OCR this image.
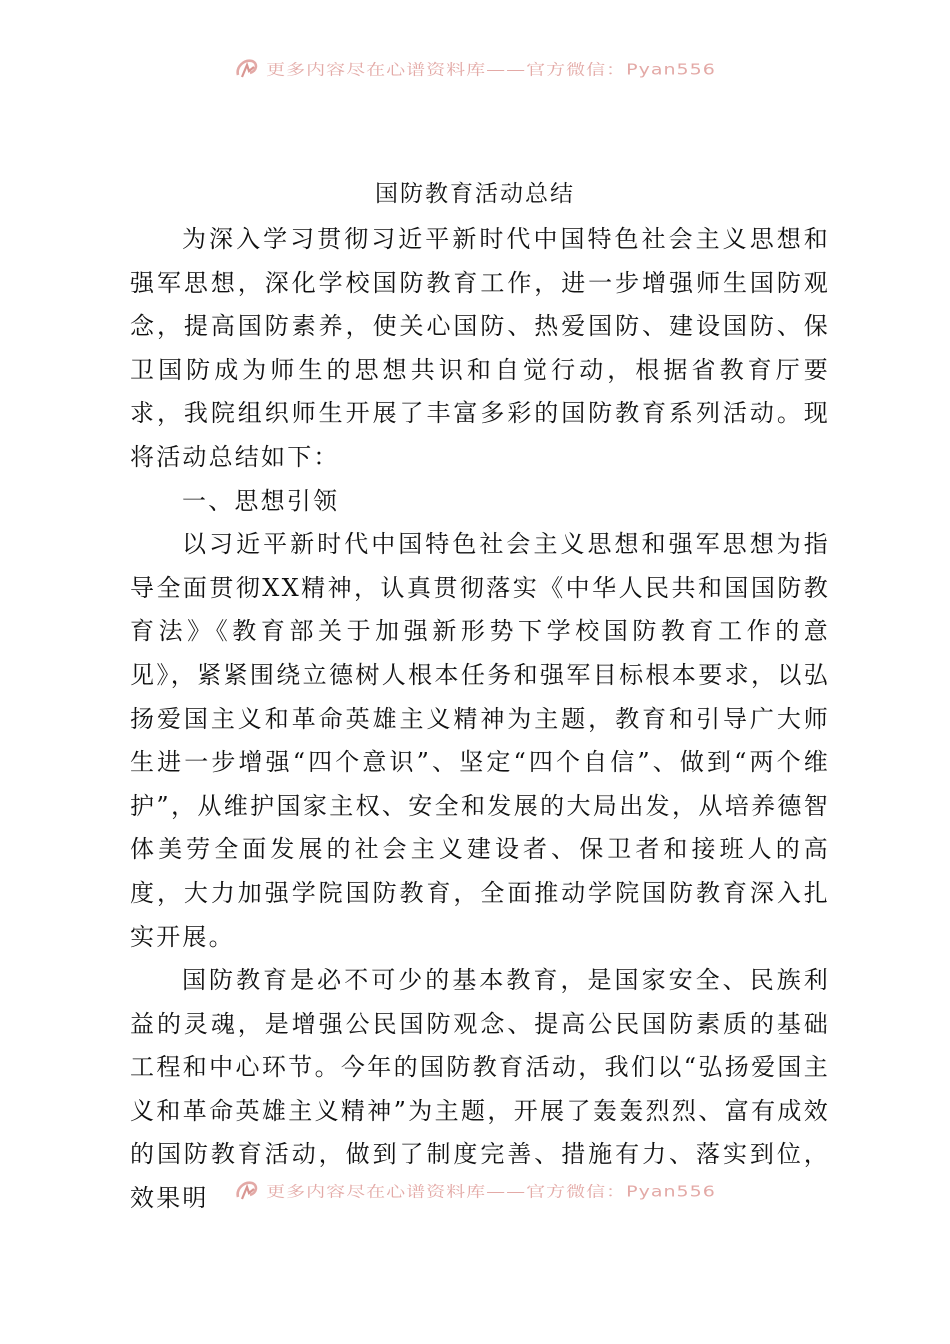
更多内容尽在心谱资料库——官方微信：Pyan556
国防教育活动总结

为深入学习贯彻习近平新时代中国特色社会主义思想和强军思想，深化学校国防教育工作，进一步增强师生国防观念，提高国防素养，使关心国防、热爱国防、建设国防、保卫国防成为师生的思想共识和自觉行动，根据省教育厅要求，我院组织师生开展了丰富多彩的国防教育系列活动。现将活动总结如下：

一、思想引领

以习近平新时代中国特色社会主义思想和强军思想为指导全面贯彻XX精神，认真贯彻落实《中华人民共和国国防教育法》《教育部关于加强新形势下学校国防教育工作的意见》，紧紧围绕立德树人根本任务和强军目标根本要求，以弘扬爱国主义和革命英雄主义精神为主题，教育和引导广大师生进一步增强“四个意识”、坚定“四个自信”、做到“两个维护”，从维护国家主权、安全和发展的大局出发，从培养德智体美劳全面发展的社会主义建设者、保卫者和接班人的高度，大力加强学院国防教育，全面推动学院国防教育深入扎实开展。

国防教育是必不可少的基本教育，是国家安全、民族利益的灵魂，是增强公民国防观念、提高公民国防素质的基础工程和中心环节。今年的国防教育活动，我们以“弘扬爱国主义和革命英雄主义精神”为主题，开展了轰轰烈烈、富有成效的国防教育活动，做到了制度完善、措施有力、落实到位，效果明	更多内容尽在心谱资料库——官方微信：Pyan556
